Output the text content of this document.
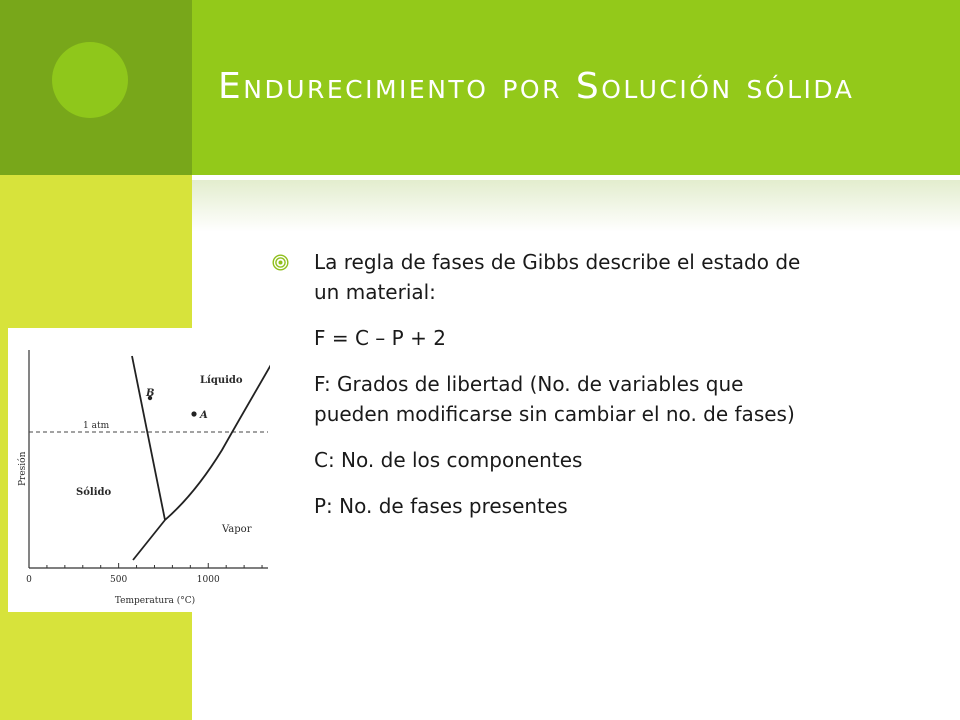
Endurecimiento por Solución sólida
La regla de fases de Gibbs describe el estado de
un material:
F = C – P + 2
F: Grados de libertad (No. de variables que
pueden modificarse sin cambiar el no. de fases)
C: No. de los componentes
P: No. de fases presentes
A
B
Líquido
Sólido
Vapor
1 atm
Presión
Temperatura (°C)
0	500	1000
